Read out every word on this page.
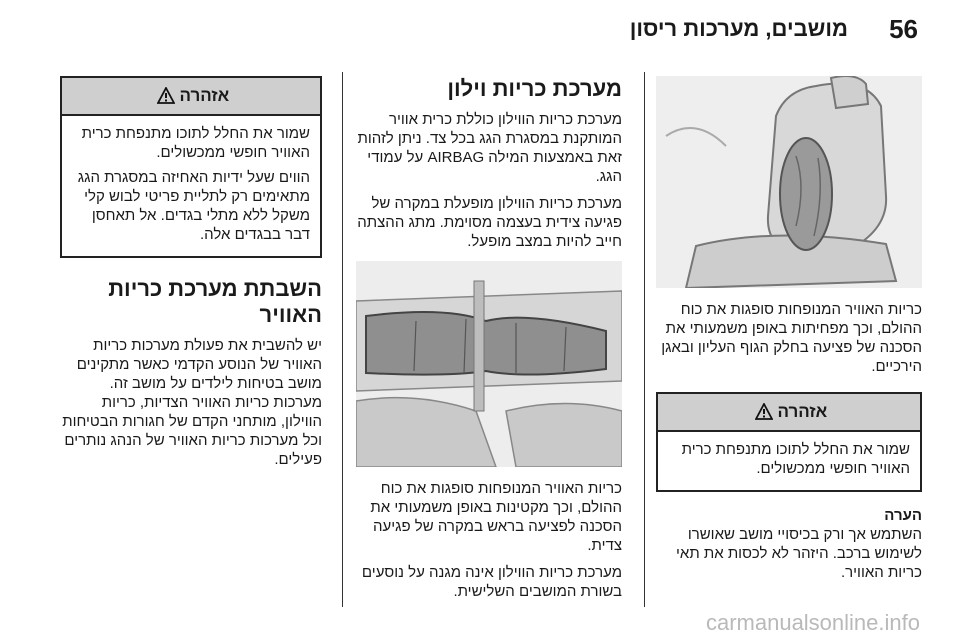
56
מושבים, מערכות ריסון

כריות האוויר המנופחות סופגות את כוח ההולם, וכך מפחיתות באופן משמעותי את הסכנה של פציעה בחלק הגוף העליון ובאגן הירכיים.

אזהרה

שמור את החלל לתוכו מתנפחת כרית האוויר חופשי ממכשולים.

הערה

השתמש אך ורק בכיסויי מושב שאושרו לשימוש ברכב. היזהר לא לכסות את תאי כריות האוויר.

מערכת כריות וילון

מערכת כריות הווילון כוללת כרית אוויר המותקנת במסגרת הגג בכל צד. ניתן לזהות זאת באמצעות המילה AIRBAG על עמודי הגג.

מערכת כריות הווילון מופעלת במקרה של פגיעה צידית בעצמה מסוימת. מתג ההצתה חייב להיות במצב מופעל.

כריות האוויר המנופחות סופגות את כוח ההולם, וכך מקטינות באופן משמעותי את הסכנה לפציעה בראש במקרה של פגיעה צדית.

מערכת כריות הווילון אינה מגנה על נוסעים בשורת המושבים השלישית.

אזהרה

שמור את החלל לתוכו מתנפחת כרית האוויר חופשי ממכשולים.

הווים שעל ידיות האחיזה במסגרת הגג מתאימים רק לתליית פריטי לבוש קלי משקל ללא מתלי בגדים. אל תאחסן דבר בבגדים אלה.

השבתת מערכת כריות האוויר

יש להשבית את פעולת מערכות כריות האוויר של הנוסע הקדמי כאשר מתקינים מושב בטיחות לילדים על מושב זה. מערכות כריות האוויר הצדיות, כריות הווילון, מותחני הקדם של חגורות הבטיחות וכל מערכות כריות האוויר של הנהג נותרים פעילים.

carmanualsonline.info
